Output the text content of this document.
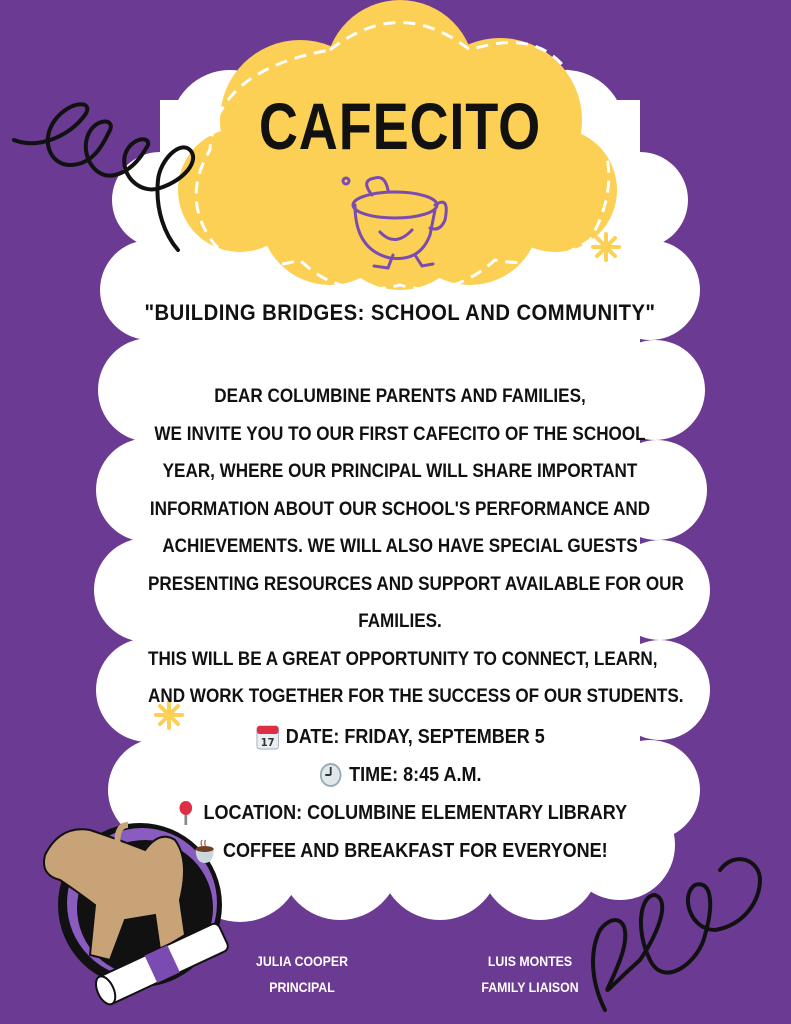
CAFECITO
"BUILDING BRIDGES: SCHOOL AND COMMUNITY"
DEAR COLUMBINE PARENTS AND FAMILIES,
WE INVITE YOU TO OUR FIRST CAFECITO OF THE SCHOOL
YEAR, WHERE OUR PRINCIPAL WILL SHARE IMPORTANT
INFORMATION ABOUT OUR SCHOOL'S PERFORMANCE AND
ACHIEVEMENTS. WE WILL ALSO HAVE SPECIAL GUESTS
PRESENTING RESOURCES AND SUPPORT AVAILABLE FOR OUR
FAMILIES.
THIS WILL BE A GREAT OPPORTUNITY TO CONNECT, LEARN,
AND WORK TOGETHER FOR THE SUCCESS OF OUR STUDENTS.
17 DATE: FRIDAY, SEPTEMBER 5
TIME: 8:45 A.M.
LOCATION: COLUMBINE ELEMENTARY LIBRARY
COFFEE AND BREAKFAST FOR EVERYONE!
JULIA COOPER
PRINCIPAL
LUIS MONTES
FAMILY LIAISON
